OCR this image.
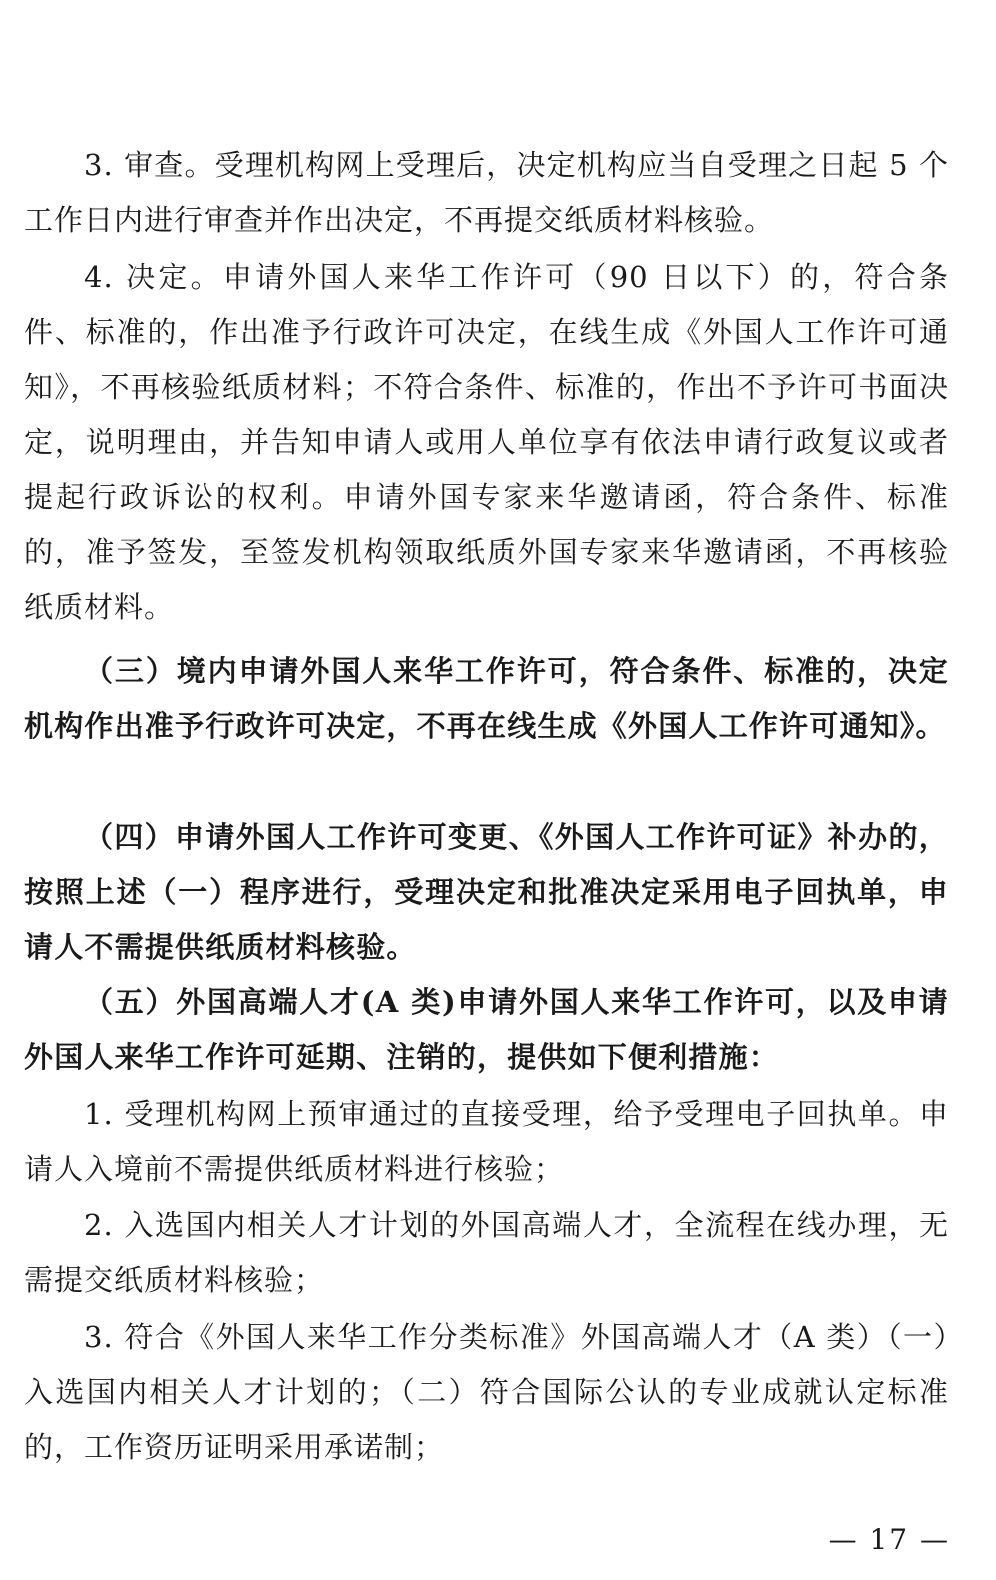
3. 审查。受理机构网上受理后，决定机构应当自受理之日起 5 个工作日内进行审查并作出决定，不再提交纸质材料核验。

4. 决定。申请外国人来华工作许可（90 日以下）的，符合条件、标准的，作出准予行政许可决定，在线生成《外国人工作许可通知》，不再核验纸质材料；不符合条件、标准的，作出不予许可书面决定，说明理由，并告知申请人或用人单位享有依法申请行政复议或者提起行政诉讼的权利。申请外国专家来华邀请函，符合条件、标准的，准予签发，至签发机构领取纸质外国专家来华邀请函，不再核验纸质材料。

（三）境内申请外国人来华工作许可，符合条件、标准的，决定机构作出准予行政许可决定，不再在线生成《外国人工作许可通知》。

（四）申请外国人工作许可变更、《外国人工作许可证》补办的，按照上述（一）程序进行，受理决定和批准决定采用电子回执单，申请人不需提供纸质材料核验。

（五）外国高端人才(A 类)申请外国人来华工作许可，以及申请外国人来华工作许可延期、注销的，提供如下便利措施：

1. 受理机构网上预审通过的直接受理，给予受理电子回执单。申请人入境前不需提供纸质材料进行核验；

2. 入选国内相关人才计划的外国高端人才，全流程在线办理，无需提交纸质材料核验；

3. 符合《外国人来华工作分类标准》外国高端人才（A 类）（一）入选国内相关人才计划的；（二）符合国际公认的专业成就认定标准的，工作资历证明采用承诺制；

— 17 —
